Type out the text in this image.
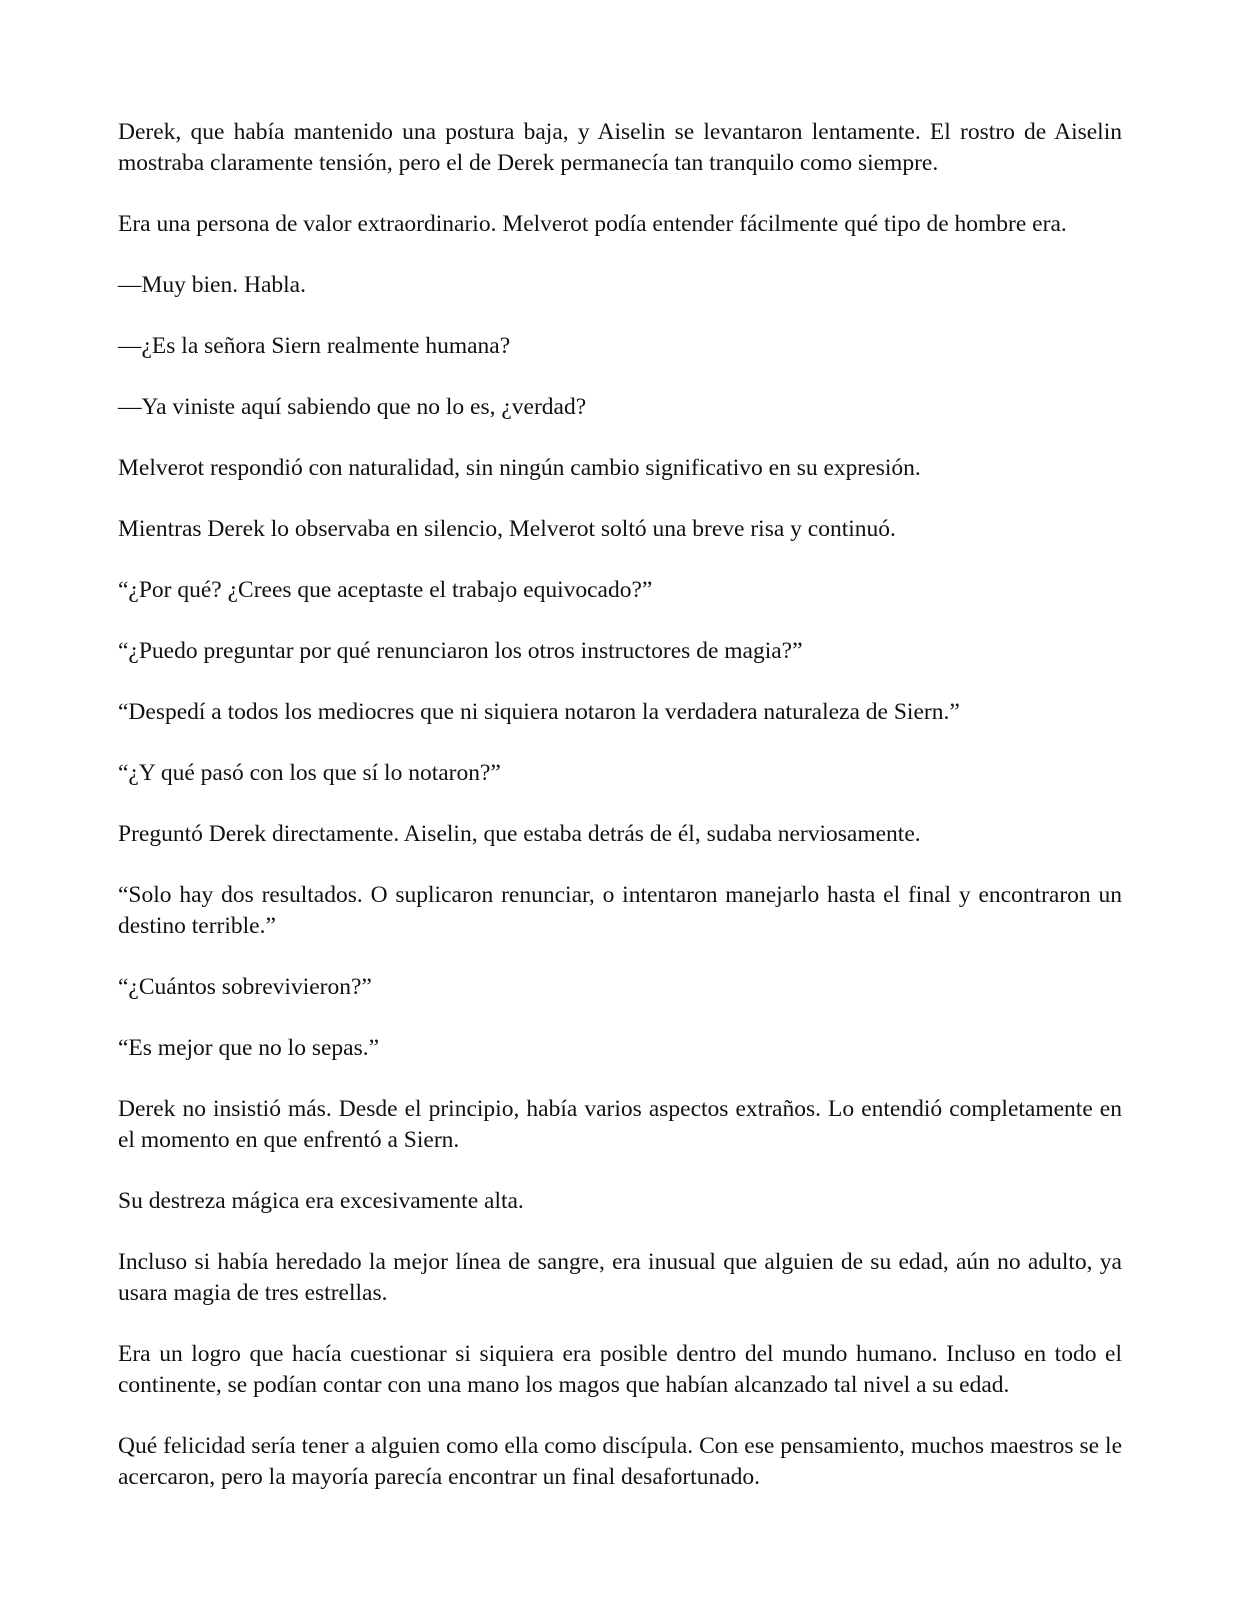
Derek, que había mantenido una postura baja, y Aiselin se levantaron lentamente. El rostro de Aiselin mostraba claramente tensión, pero el de Derek permanecía tan tranquilo como siempre.

Era una persona de valor extraordinario. Melverot podía entender fácilmente qué tipo de hombre era.

—Muy bien. Habla.

—¿Es la señora Siern realmente humana?

—Ya viniste aquí sabiendo que no lo es, ¿verdad?

Melverot respondió con naturalidad, sin ningún cambio significativo en su expresión.

Mientras Derek lo observaba en silencio, Melverot soltó una breve risa y continuó.

“¿Por qué? ¿Crees que aceptaste el trabajo equivocado?”

“¿Puedo preguntar por qué renunciaron los otros instructores de magia?”

“Despedí a todos los mediocres que ni siquiera notaron la verdadera naturaleza de Siern.”

“¿Y qué pasó con los que sí lo notaron?”

Preguntó Derek directamente. Aiselin, que estaba detrás de él, sudaba nerviosamente.

“Solo hay dos resultados. O suplicaron renunciar, o intentaron manejarlo hasta el final y encontraron un destino terrible.”

“¿Cuántos sobrevivieron?”

“Es mejor que no lo sepas.”

Derek no insistió más. Desde el principio, había varios aspectos extraños. Lo entendió completamente en el momento en que enfrentó a Siern.

Su destreza mágica era excesivamente alta.

Incluso si había heredado la mejor línea de sangre, era inusual que alguien de su edad, aún no adulto, ya usara magia de tres estrellas.

Era un logro que hacía cuestionar si siquiera era posible dentro del mundo humano. Incluso en todo el continente, se podían contar con una mano los magos que habían alcanzado tal nivel a su edad.

Qué felicidad sería tener a alguien como ella como discípula. Con ese pensamiento, muchos maestros se le acercaron, pero la mayoría parecía encontrar un final desafortunado.
